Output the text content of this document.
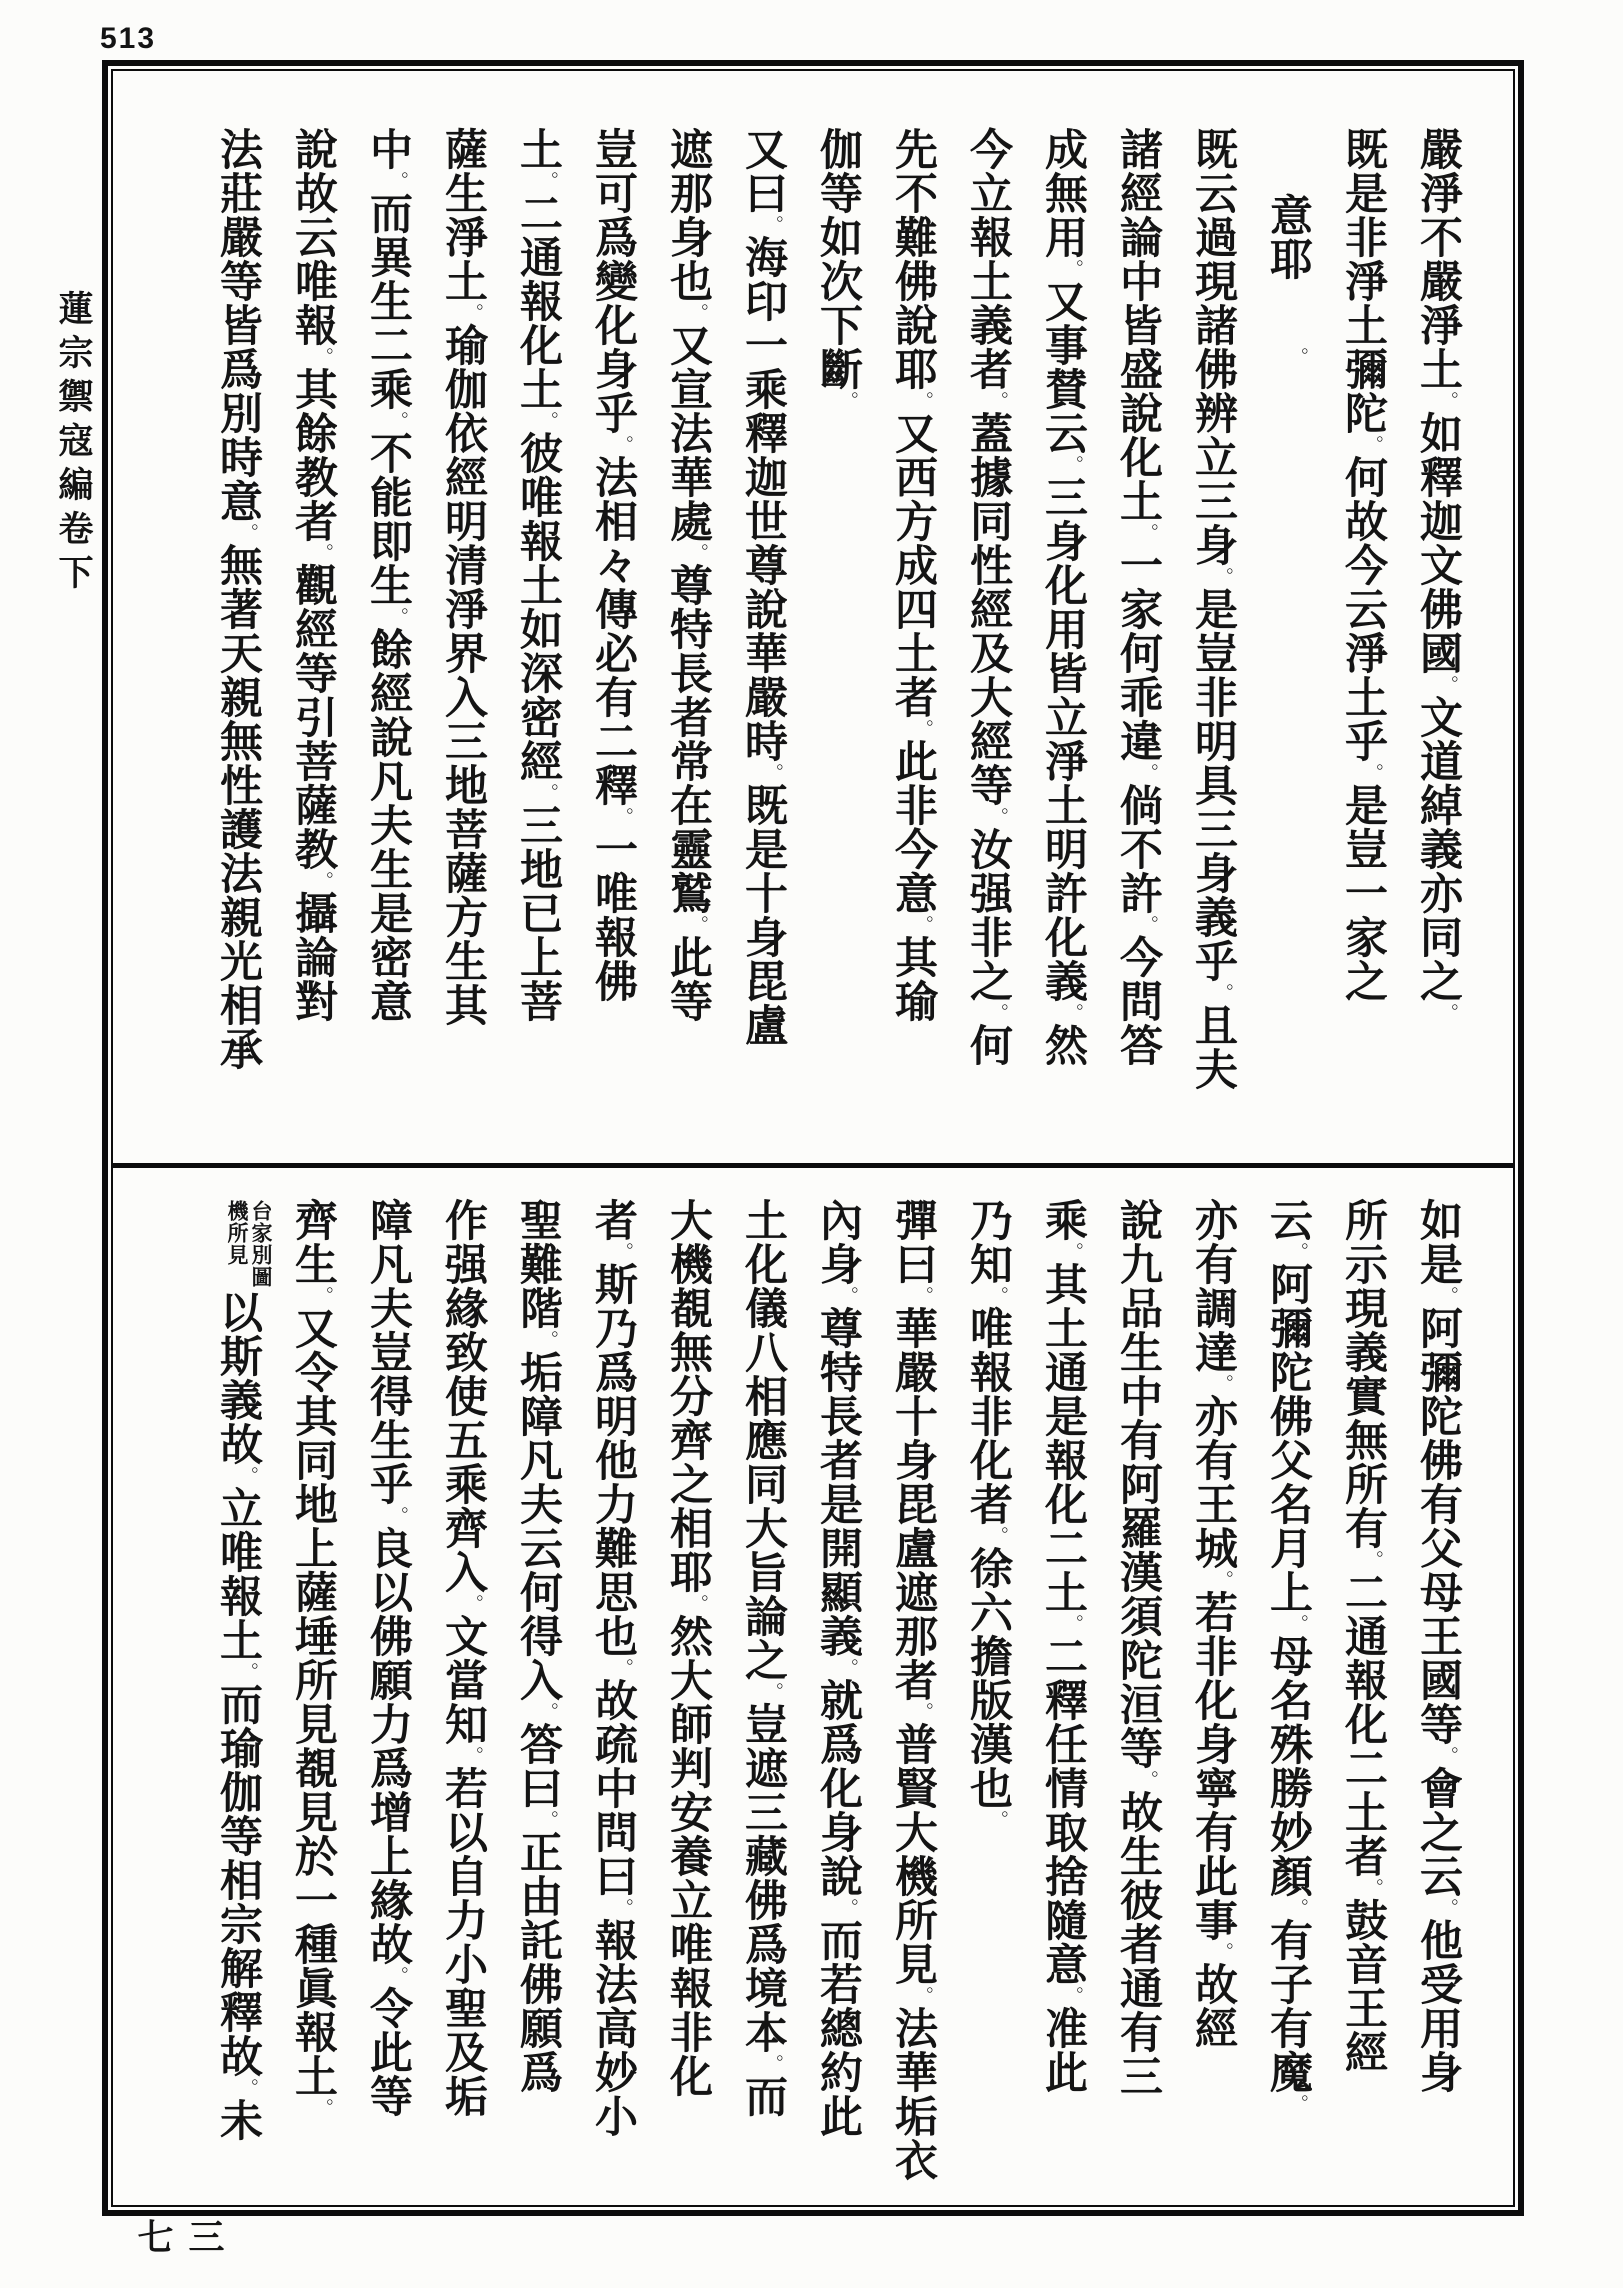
513
蓮宗禦寇編卷下
三七
嚴淨不嚴淨土。如釋迦文佛國。文道綽義亦同之。
既是非淨土彌陀。何故今云淨土乎。是豈一家之
意耶。
既云過現諸佛辨立三身。是豈非明具三身義乎。且夫
諸經論中皆盛說化土。一家何乖違。倘不許。今問答
成無用。又事賛云。三身化用皆立淨土明許化義。然
今立報土義者。蓋據同性經及大經等。汝强非之。何
先不難佛說耶。又西方成四土者。此非今意。其瑜
伽等如次下斷。
又曰。海印一乘釋迦世尊說華嚴時。既是十身毘盧
遮那身也。又宣法華處。尊特長者常在靈鷲。此等
豈可爲變化身乎。法相々傳必有二釋。一唯報佛
土。二通報化土。彼唯報土如深密經。三地已上菩
薩生淨土。瑜伽依經明清淨界入三地菩薩方生其
中。而異生二乘。不能即生。餘經說凡夫生是密意
說故云唯報。其餘教者。觀經等引菩薩教。攝論對
法莊嚴等皆爲別時意。無著天親無性護法親光相承
如是。阿彌陀佛有父母王國等。會之云。他受用身
所示現義實無所有。二通報化二土者。鼓音王經
云。阿彌陀佛父名月上。母名殊勝妙顏。有子有魔。
亦有調達。亦有王城。若非化身寧有此事。故經
說九品生中有阿羅漢須陀洹等。故生彼者通有三
乘。其土通是報化二土。二釋任情取捨隨意。准此
乃知。唯報非化者。徐六擔版漢也。
彈曰。華嚴十身毘盧遮那者。普賢大機所見。法華垢衣
內身。尊特長者是開顯義。就爲化身說。而若總約此
土化儀八相應同大旨論之。豈遮三藏佛爲境本。而
大機覩無分齊之相耶。然大師判安養立唯報非化
者。斯乃爲明他力難思也。故疏中問曰。報法高妙小
聖難階。垢障凡夫云何得入。答曰。正由託佛願爲
作强緣致使五乘齊入。文當知。若以自力小聖及垢
障凡夫豈得生乎。良以佛願力爲增上緣故。令此等
齊生。又令其同地上薩埵所見覩見於一種眞報土。
台家別圖
機所見
以斯義故。立唯報土。而瑜伽等相宗解釋故。未
